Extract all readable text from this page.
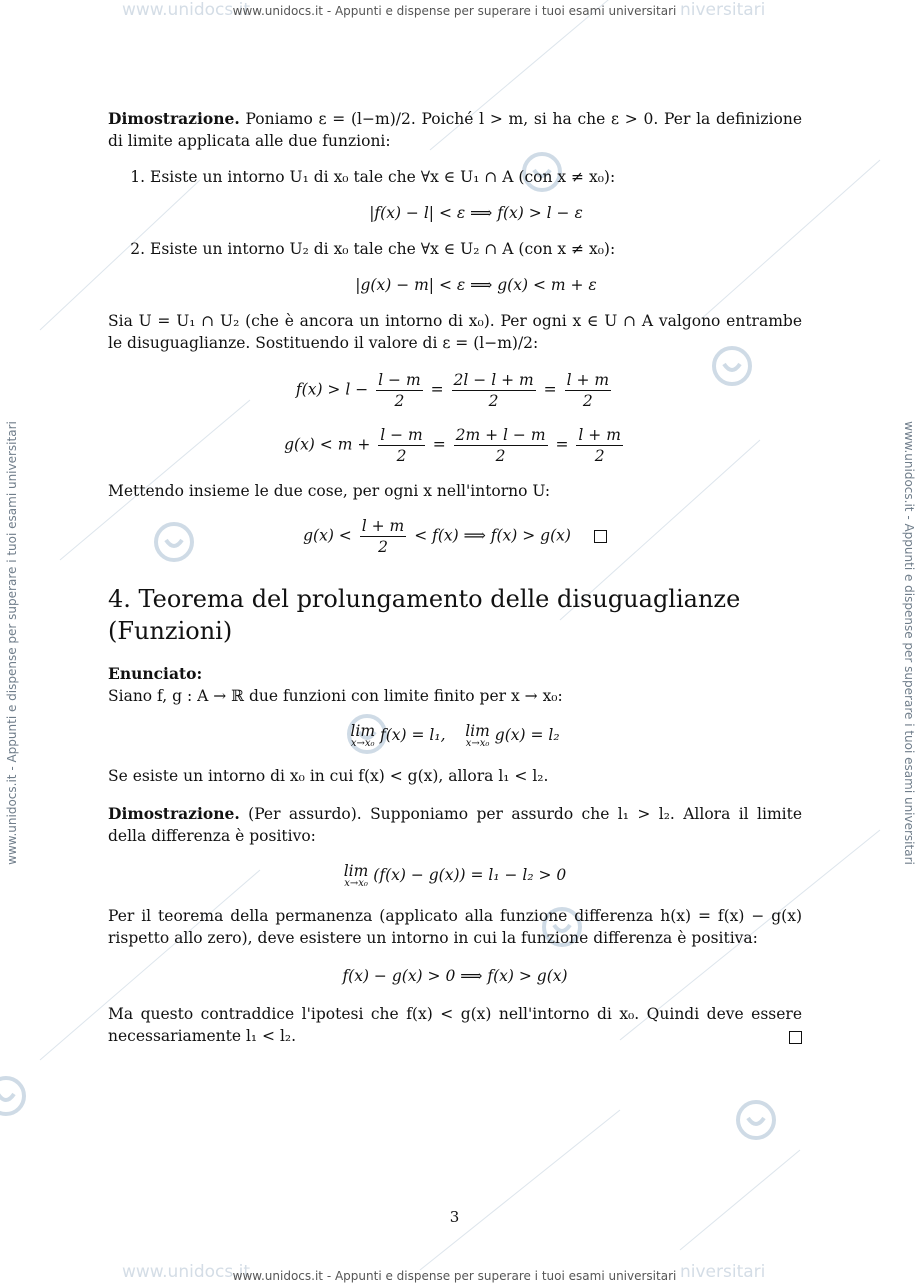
www.unidocs.it	niversitari
www.unidocs.it - Appunti e dispense per superare i tuoi esami universitari
www.unidocs.it	niversitari
www.unidocs.it - Appunti e dispense per superare i tuoi esami universitari
www.unidocs.it - Appunti e dispense per superare i tuoi esami universitari	www.unidocs.it - Appunti e dispense per superare i tuoi esami universitari

Dimostrazione. Poniamo ε = (l−m)/2. Poiché l > m, si ha che ε > 0. Per la definizione di limite applicata alle due funzioni:

1. Esiste un intorno U₁ di x₀ tale che ∀x ∈ U₁ ∩ A (con x ≠ x₀):
|f(x) − l| < ε ⟹ f(x) > l − ε
2. Esiste un intorno U₂ di x₀ tale che ∀x ∈ U₂ ∩ A (con x ≠ x₀):
|g(x) − m| < ε ⟹ g(x) < m + ε

Sia U = U₁ ∩ U₂ (che è ancora un intorno di x₀). Per ogni x ∈ U ∩ A valgono entrambe le disuguaglianze. Sostituendo il valore di ε = (l−m)/2:

$f(x) > l - \frac{l - m}{2} = \frac{2l - l + m}{2} = \frac{l + m}{2}$
$g(x) < m + \frac{l - m}{2} = \frac{2m + l - m}{2} = \frac{l + m}{2}$

Mettendo insieme le due cose, per ogni x nell'intorno U:

$g(x) < \frac{l + m}{2} < f(x)$ ⟹ f(x) > g(x)
4. Teorema del prolungamento delle disuguaglianze (Funzioni)

Enunciato:

Siano f, g : A → ℝ due funzioni con limite finito per x → x₀:

lim
x→x₀ f(x) = l₁, lim
x→x₀ g(x) = l₂

Se esiste un intorno di x₀ in cui f(x) < g(x), allora l₁ < l₂.

Dimostrazione. (Per assurdo). Supponiamo per assurdo che l₁ > l₂. Allora il limite della differenza è positivo:

lim
x→x₀ (f(x) − g(x)) = l₁ − l₂ > 0

Per il teorema della permanenza (applicato alla funzione differenza h(x) = f(x) − g(x) rispetto allo zero), deve esistere un intorno in cui la funzione differenza è positiva:

f(x) − g(x) > 0 ⟹ f(x) > g(x)

Ma questo contraddice l'ipotesi che f(x) < g(x) nell'intorno di x₀. Quindi deve essere necessariamente l₁ < l₂.

3
